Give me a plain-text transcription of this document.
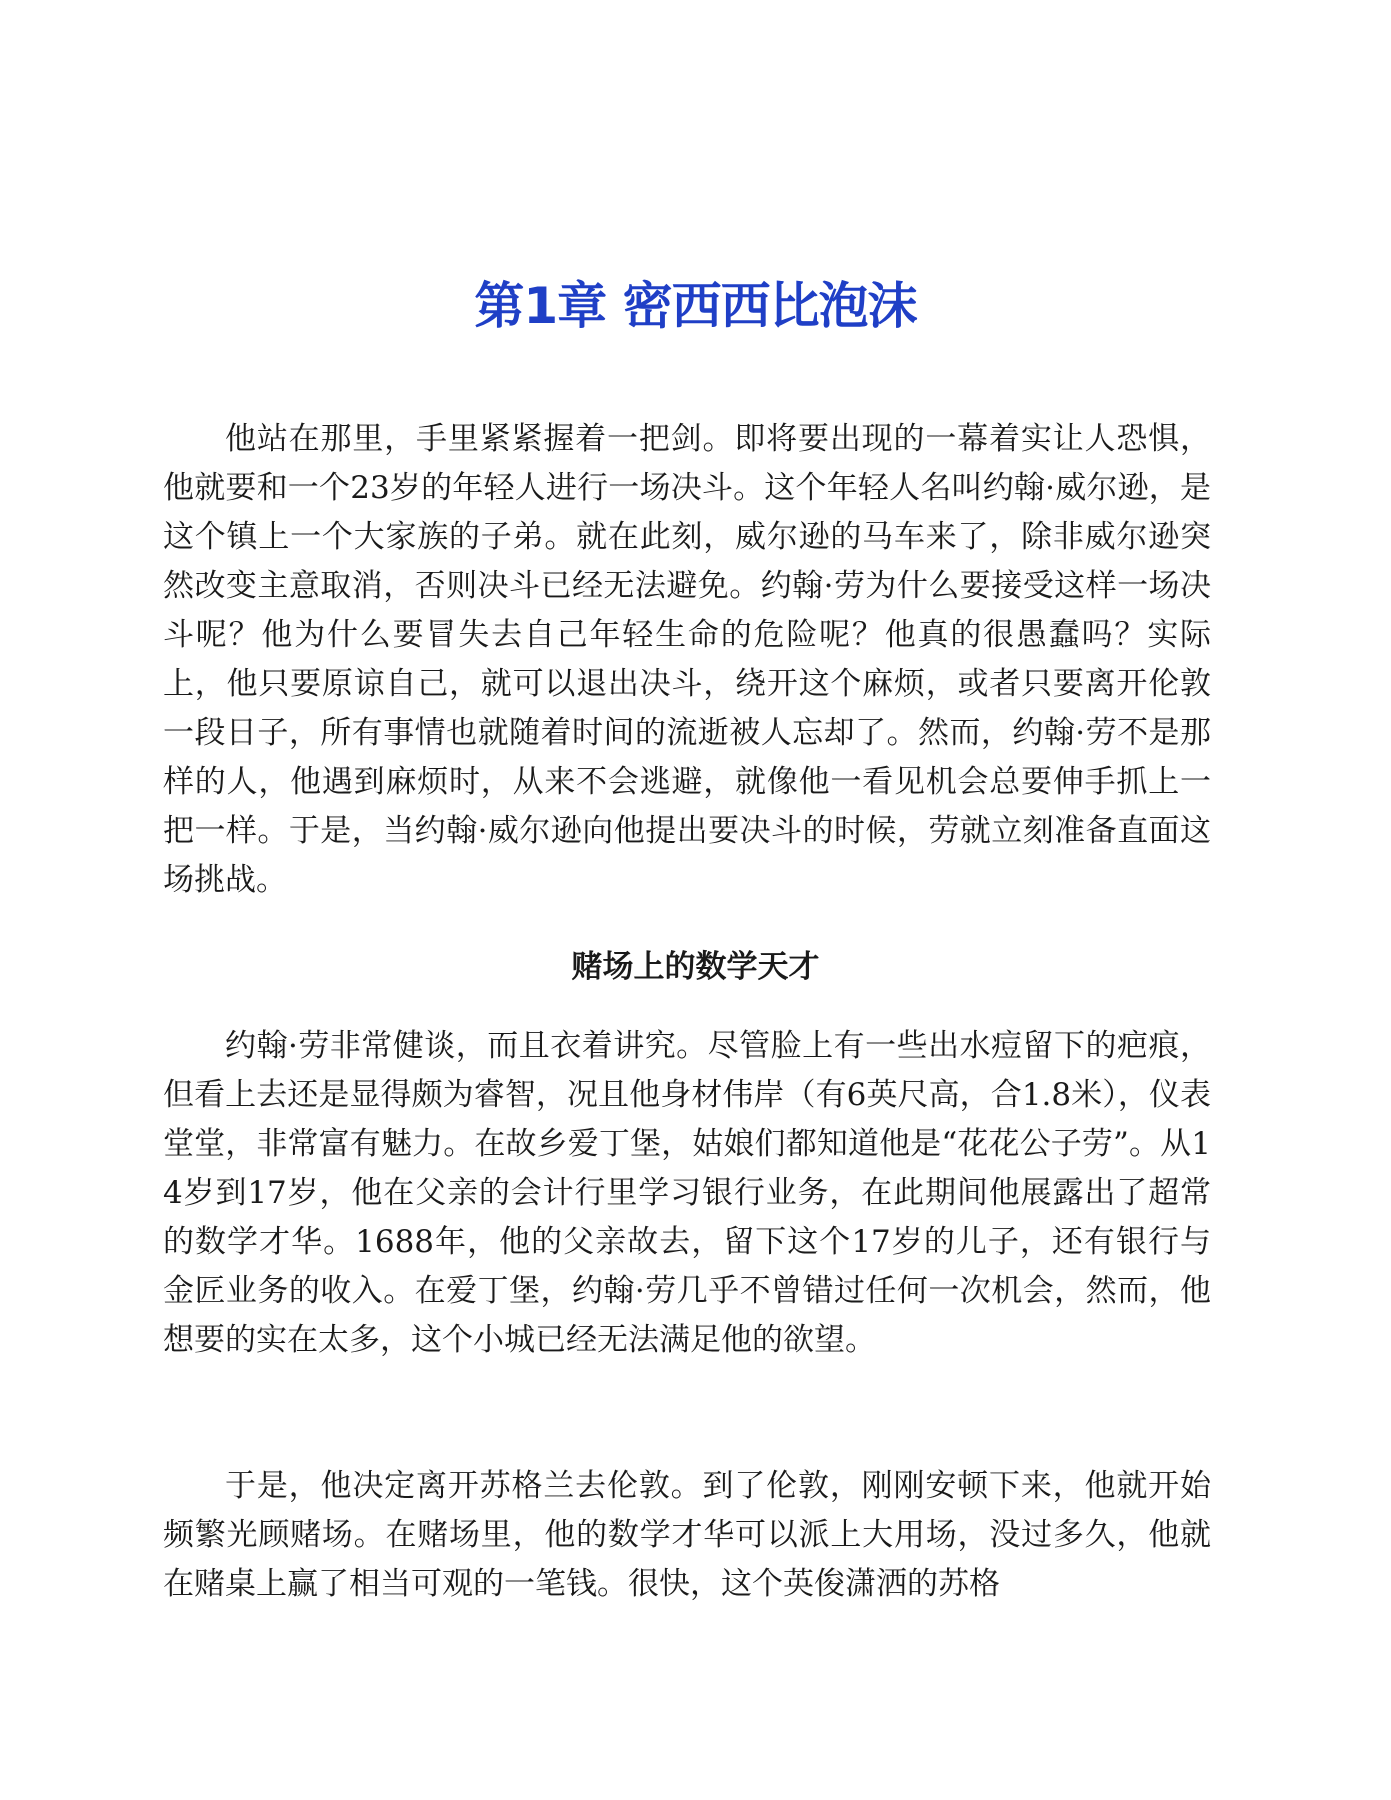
第1章 密西西比泡沫

他站在那里，手里紧紧握着一把剑。即将要出现的一幕着实让人恐惧，他就要和一个23岁的年轻人进行一场决斗。这个年轻人名叫约翰·威尔逊，是这个镇上一个大家族的子弟。就在此刻，威尔逊的马车来了，除非威尔逊突然改变主意取消，否则决斗已经无法避免。约翰·劳为什么要接受这样一场决斗呢？他为什么要冒失去自己年轻生命的危险呢？他真的很愚蠢吗？实际上，他只要原谅自己，就可以退出决斗，绕开这个麻烦，或者只要离开伦敦一段日子，所有事情也就随着时间的流逝被人忘却了。然而，约翰·劳不是那样的人，他遇到麻烦时，从来不会逃避，就像他一看见机会总要伸手抓上一把一样。于是，当约翰·威尔逊向他提出要决斗的时候，劳就立刻准备直面这场挑战。

赌场上的数学天才

约翰·劳非常健谈，而且衣着讲究。尽管脸上有一些出水痘留下的疤痕，但看上去还是显得颇为睿智，况且他身材伟岸（有6英尺高，合1.8米），仪表堂堂，非常富有魅力。在故乡爱丁堡，姑娘们都知道他是“花花公子劳”。从14岁到17岁，他在父亲的会计行里学习银行业务，在此期间他展露出了超常的数学才华。1688年，他的父亲故去，留下这个17岁的儿子，还有银行与金匠业务的收入。在爱丁堡，约翰·劳几乎不曾错过任何一次机会，然而，他想要的实在太多，这个小城已经无法满足他的欲望。

于是，他决定离开苏格兰去伦敦。到了伦敦，刚刚安顿下来，他就开始频繁光顾赌场。在赌场里，他的数学才华可以派上大用场，没过多久，他就在赌桌上赢了相当可观的一笔钱。很快，这个英俊潇洒的苏格
